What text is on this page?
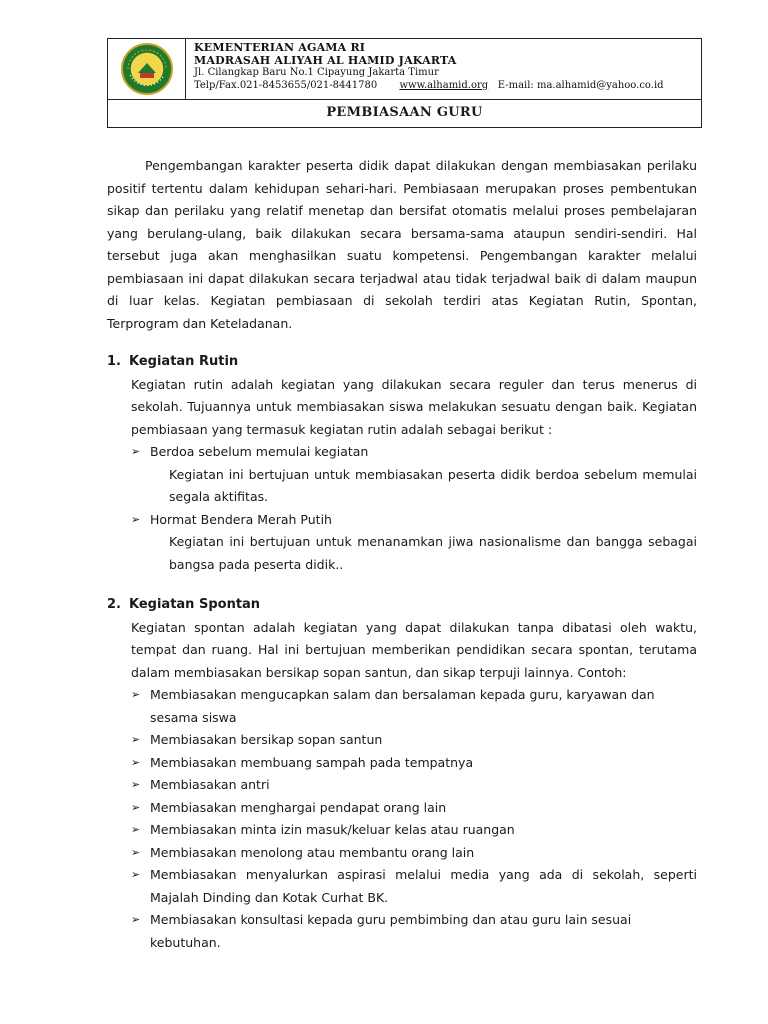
KEMENTERIAN AGAMA RI
MADRASAH ALIYAH AL HAMID JAKARTA
Jl. Cilangkap Baru No.1 Cipayung Jakarta Timur
Telp/Fax.021-8453655/021-8441780 www.alhamid.org E-mail: ma.alhamid@yahoo.co.id
PEMBIASAAN GURU

Pengembangan karakter peserta didik dapat dilakukan dengan membiasakan perilaku positif tertentu dalam kehidupan sehari-hari. Pembiasaan merupakan proses pembentukan sikap dan perilaku yang relatif menetap dan bersifat otomatis melalui proses pembelajaran yang berulang-ulang, baik dilakukan secara bersama-sama ataupun sendiri-sendiri. Hal tersebut juga akan menghasilkan suatu kompetensi. Pengembangan karakter melalui pembiasaan ini dapat dilakukan secara terjadwal atau tidak terjadwal baik di dalam maupun di luar kelas. Kegiatan pembiasaan di sekolah terdiri atas Kegiatan Rutin, Spontan, Terprogram dan Keteladanan.

1. Kegiatan Rutin

Kegiatan rutin adalah kegiatan yang dilakukan secara reguler dan terus menerus di sekolah. Tujuannya untuk membiasakan siswa melakukan sesuatu dengan baik. Kegiatan pembiasaan yang termasuk kegiatan rutin adalah sebagai berikut :

➢ Berdoa sebelum memulai kegiatan
Kegiatan ini bertujuan untuk membiasakan peserta didik berdoa sebelum memulai segala aktifitas.
➢ Hormat Bendera Merah Putih
Kegiatan ini bertujuan untuk menanamkan jiwa nasionalisme dan bangga sebagai bangsa pada peserta didik..
2. Kegiatan Spontan

Kegiatan spontan adalah kegiatan yang dapat dilakukan tanpa dibatasi oleh waktu, tempat dan ruang. Hal ini bertujuan memberikan pendidikan secara spontan, terutama dalam membiasakan bersikap sopan santun, dan sikap terpuji lainnya. Contoh:

➢ Membiasakan mengucapkan salam dan bersalaman kepada guru, karyawan dan sesama siswa
➢ Membiasakan bersikap sopan santun
➢ Membiasakan membuang sampah pada tempatnya
➢ Membiasakan antri
➢ Membiasakan menghargai pendapat orang lain
➢ Membiasakan minta izin masuk/keluar kelas atau ruangan
➢ Membiasakan menolong atau membantu orang lain
➢ Membiasakan menyalurkan aspirasi melalui media yang ada di sekolah, seperti Majalah Dinding dan Kotak Curhat BK.
➢ Membiasakan konsultasi kepada guru pembimbing dan atau guru lain sesuai kebutuhan.
